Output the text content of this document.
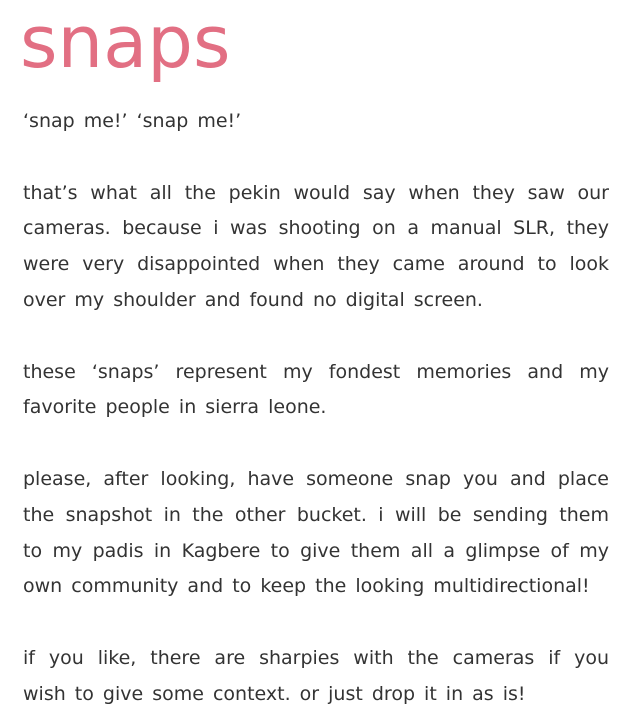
snaps

‘snap me!’ ‘snap me!’

that’s what all the pekin would say when they saw our cameras. because i was shooting on a manual SLR, they were very disappointed when they came around to look over my shoulder and found no digital screen.

these ‘snaps’ represent my fondest memories and my favorite people in sierra leone.

please, after looking, have someone snap you and place the snapshot in the other bucket. i will be sending them to my padis in Kagbere to give them all a glimpse of my own community and to keep the looking multidirectional!

if you like, there are sharpies with the cameras if you wish to give some context. or just drop it in as is!
